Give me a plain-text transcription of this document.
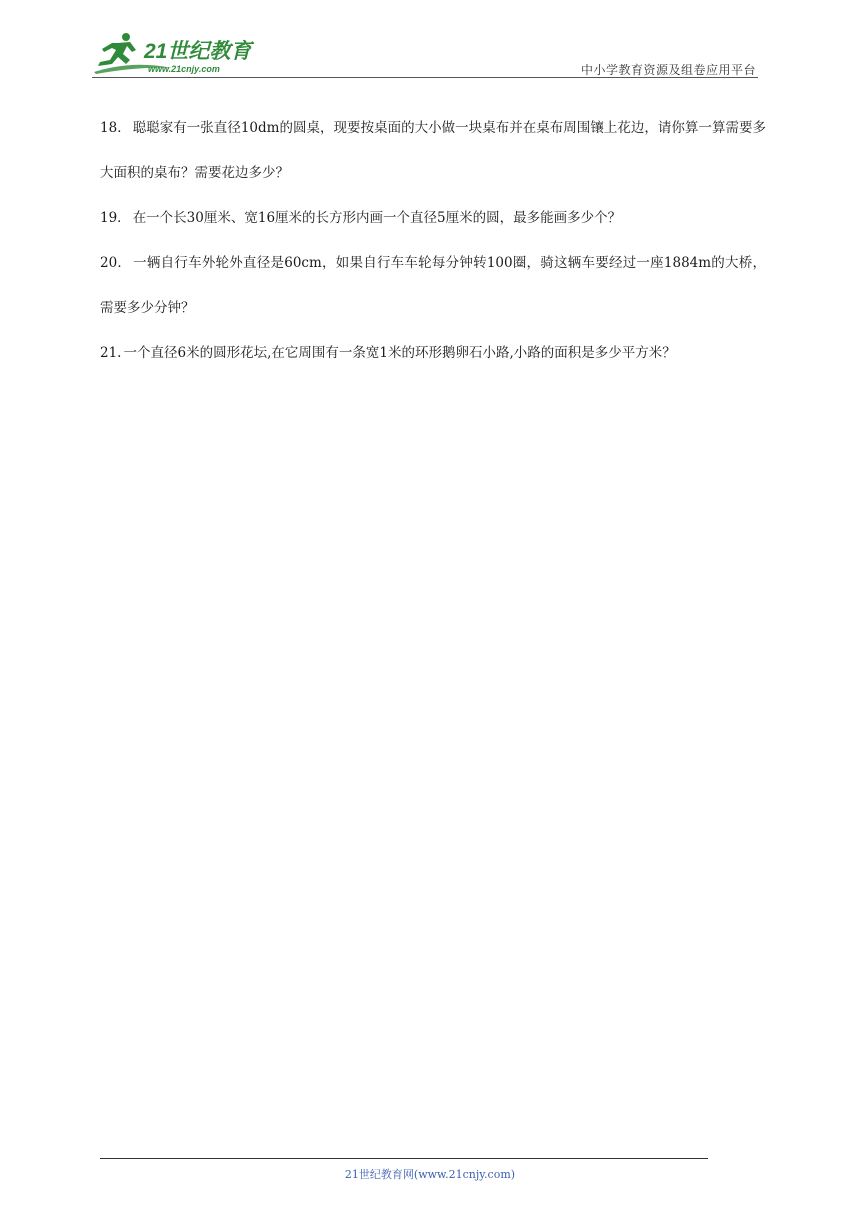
21世纪教育
www.21cnjy.com	中小学教育资源及组卷应用平台

18． 聪聪家有一张直径10dm的圆桌，现要按桌面的大小做一块桌布并在桌布周围镶上花边，请你算一算需要多大面积的桌布？需要花边多少？

19． 在一个长30厘米、宽16厘米的长方形内画一个直径5厘米的圆，最多能画多少个？

20． 一辆自行车外轮外直径是60cm，如果自行车车轮每分钟转100圈，骑这辆车要经过一座1884m的大桥，需要多少分钟？

21. 一个直径6米的圆形花坛,在它周围有一条宽1米的环形鹅卵石小路,小路的面积是多少平方米？

21世纪教育网(www.21cnjy.com)
